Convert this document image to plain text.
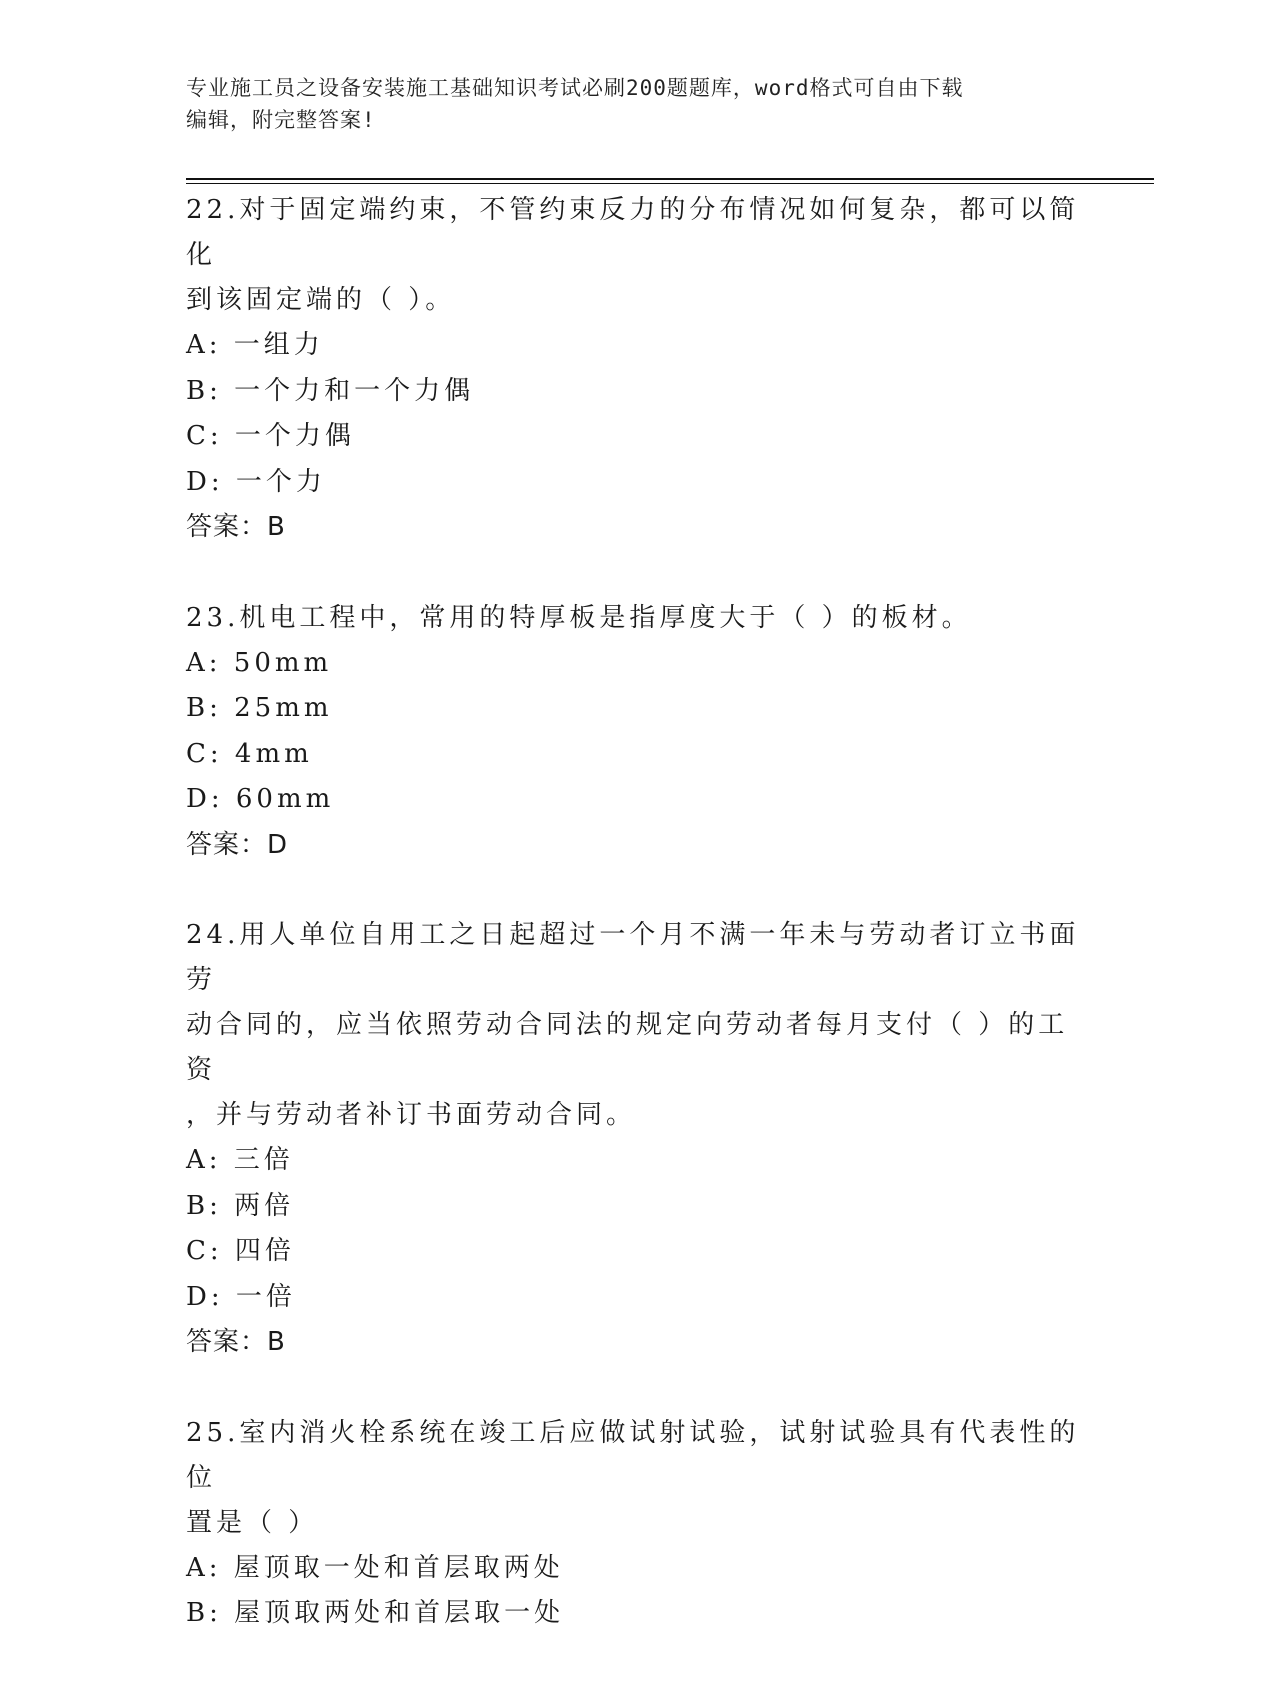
专业施工员之设备安装施工基础知识考试必刷200题题库，word格式可自由下载
编辑，附完整答案!
22.对于固定端约束，不管约束反力的分布情况如何复杂，都可以简化
到该固定端的（ ）。
A: 一组力
B: 一个力和一个力偶
C: 一个力偶
D: 一个力
答案：B
23.机电工程中，常用的特厚板是指厚度大于（ ）的板材。
A: 50mm
B: 25mm
C: 4mm
D: 60mm
答案：D
24.用人单位自用工之日起超过一个月不满一年未与劳动者订立书面劳
动合同的，应当依照劳动合同法的规定向劳动者每月支付（ ）的工资
，并与劳动者补订书面劳动合同。
A: 三倍
B: 两倍
C: 四倍
D: 一倍
答案：B
25.室内消火栓系统在竣工后应做试射试验，试射试验具有代表性的位
置是（ ）
A: 屋顶取一处和首层取两处
B: 屋顶取两处和首层取一处
